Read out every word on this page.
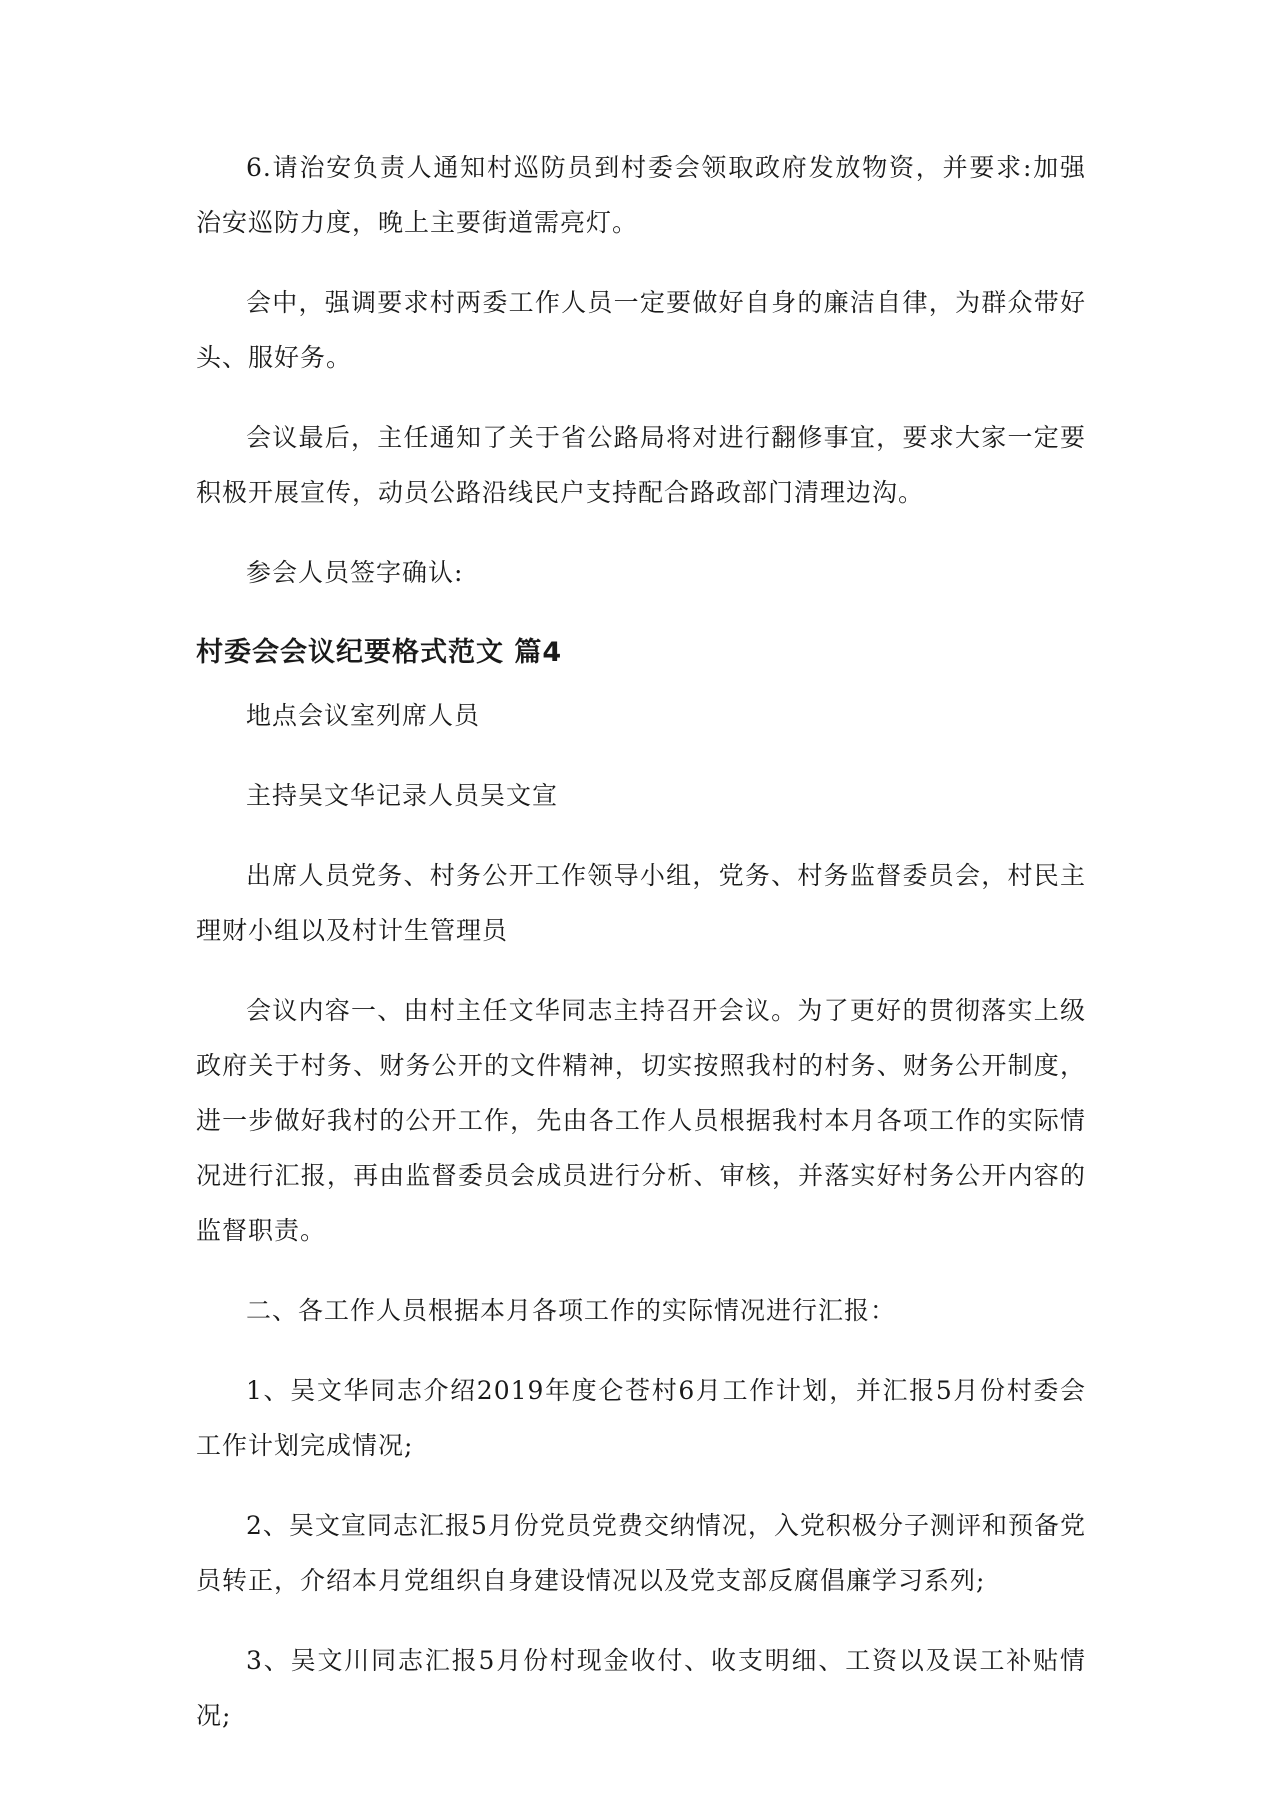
6.请治安负责人通知村巡防员到村委会领取政府发放物资，并要求:加强治安巡防力度，晚上主要街道需亮灯。

会中，强调要求村两委工作人员一定要做好自身的廉洁自律，为群众带好头、服好务。

会议最后，主任通知了关于省公路局将对进行翻修事宜，要求大家一定要积极开展宣传，动员公路沿线民户支持配合路政部门清理边沟。

参会人员签字确认:

村委会会议纪要格式范文 篇4

地点会议室列席人员

主持吴文华记录人员吴文宣

出席人员党务、村务公开工作领导小组，党务、村务监督委员会，村民主理财小组以及村计生管理员

会议内容一、由村主任文华同志主持召开会议。为了更好的贯彻落实上级政府关于村务、财务公开的文件精神，切实按照我村的村务、财务公开制度，进一步做好我村的公开工作，先由各工作人员根据我村本月各项工作的实际情况进行汇报，再由监督委员会成员进行分析、审核，并落实好村务公开内容的监督职责。

二、各工作人员根据本月各项工作的实际情况进行汇报：

1、吴文华同志介绍2019年度仑苍村6月工作计划，并汇报5月份村委会工作计划完成情况;

2、吴文宣同志汇报5月份党员党费交纳情况，入党积极分子测评和预备党员转正，介绍本月党组织自身建设情况以及党支部反腐倡廉学习系列;

3、吴文川同志汇报5月份村现金收付、收支明细、工资以及误工补贴情况;
